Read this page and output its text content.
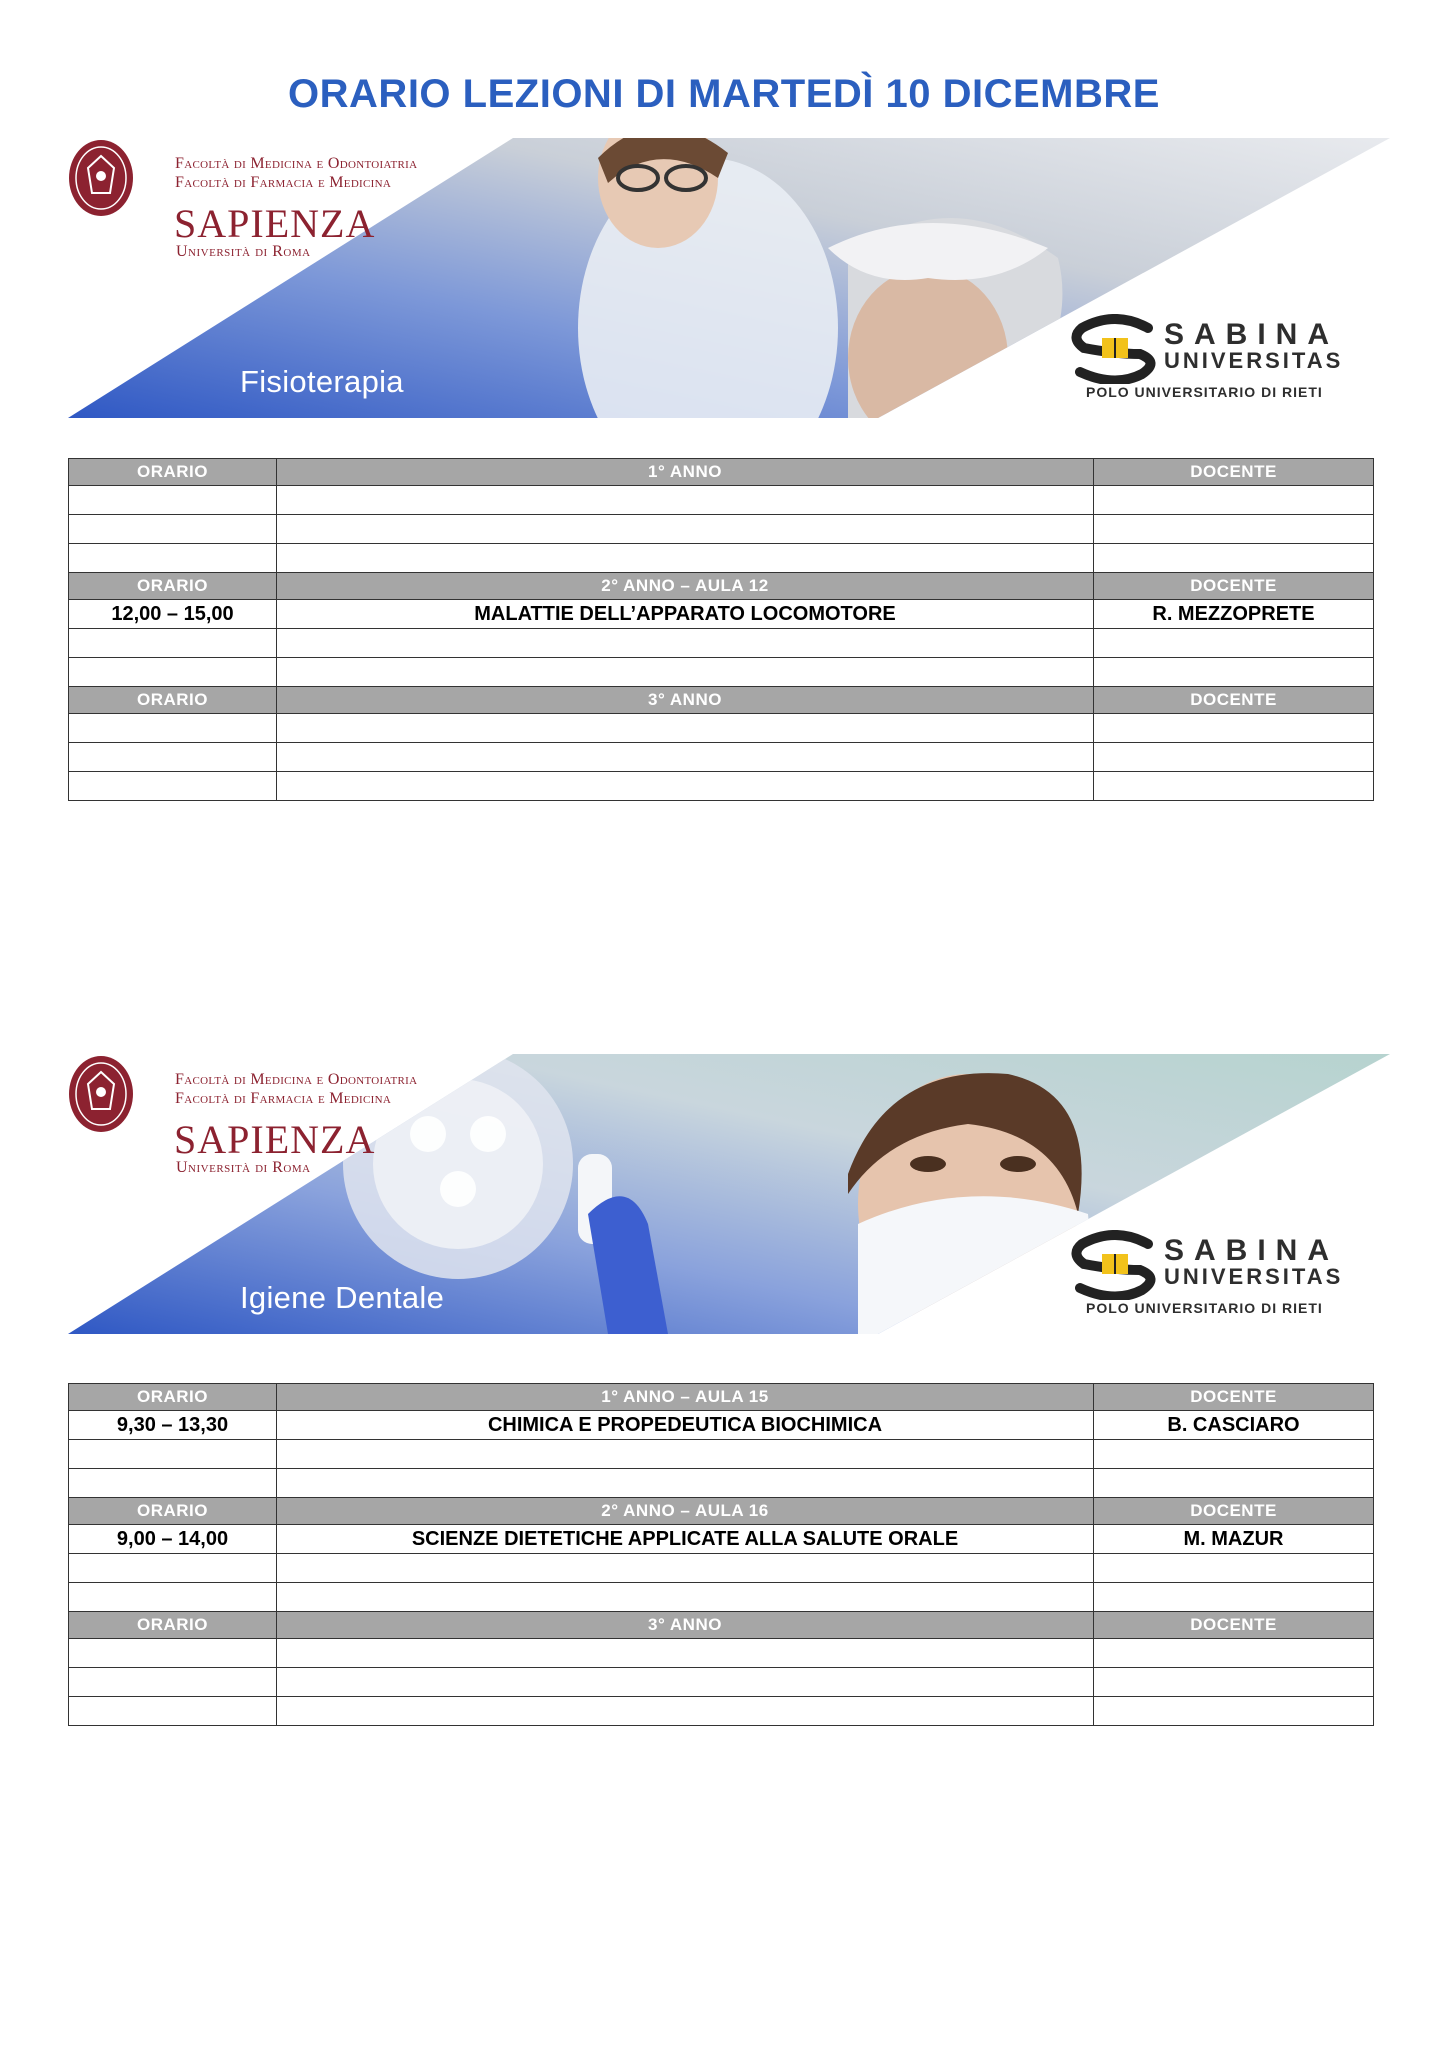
ORARIO LEZIONI DI MARTEDÌ 10 DICEMBRE
Facoltà di Medicina e Odontoiatria
Facoltà di Farmacia e Medicina
SAPIENZA
Università di Roma
Fisioterapia
SABINA
UNIVERSITAS
POLO UNIVERSITARIO DI RIETI
ORARIO	1° ANNO	DOCENTE

ORARIO	2° ANNO – AULA 12	DOCENTE
12,00 – 15,00	MALATTIE DELL’APPARATO LOCOMOTORE	R. MEZZOPRETE

ORARIO	3° ANNO	DOCENTE

Facoltà di Medicina e Odontoiatria
Facoltà di Farmacia e Medicina
SAPIENZA
Università di Roma
Igiene Dentale
SABINA
UNIVERSITAS
POLO UNIVERSITARIO DI RIETI
ORARIO	1° ANNO – AULA 15	DOCENTE
9,30 – 13,30	CHIMICA E PROPEDEUTICA BIOCHIMICA	B. CASCIARO

ORARIO	2° ANNO – AULA 16	DOCENTE
9,00 – 14,00	SCIENZE DIETETICHE APPLICATE ALLA SALUTE ORALE	M. MAZUR

ORARIO	3° ANNO	DOCENTE
